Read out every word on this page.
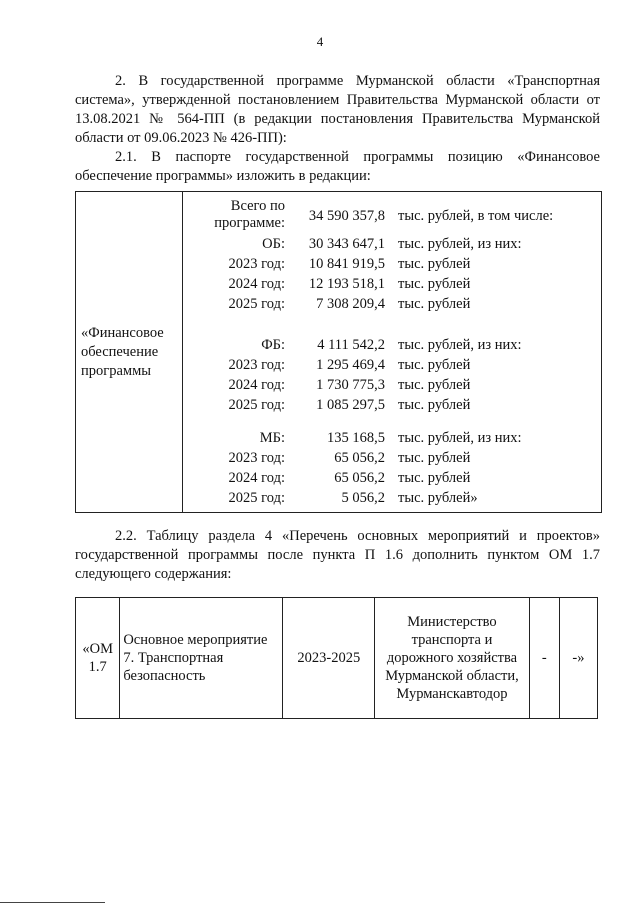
4

2. В государственной программе Мурманской области «Транспортная система», утвержденной постановлением Правительства Мурманской области от 13.08.2021 № 564-ПП (в редакции постановления Правительства Мурманской области от 09.06.2023 № 426-ПП):

2.1. В паспорте государственной программы позицию «Финансовое обеспечение программы» изложить в редакции:

«Финансовое обеспечение программы	
Всего по программе:	34 590 357,8 тыс. рублей, в том числе:
ОБ:	30 343 647,1 тыс. рублей, из них:
2023 год:	10 841 919,5 тыс. рублей
2024 год:	12 193 518,1 тыс. рублей
2025 год:	7 308 209,4 тыс. рублей
ФБ:	4 111 542,2 тыс. рублей, из них:
2023 год:	1 295 469,4 тыс. рублей
2024 год:	1 730 775,3 тыс. рублей
2025 год:	1 085 297,5 тыс. рублей
МБ:	135 168,5 тыс. рублей, из них:
2023 год:	65 056,2 тыс. рублей
2024 год:	65 056,2 тыс. рублей
2025 год:	5 056,2 тыс. рублей»

2.2. Таблицу раздела 4 «Перечень основных мероприятий и проектов» государственной программы после пункта П 1.6 дополнить пунктом ОМ 1.7 следующего содержания:

«ОМ 1.7	Основное мероприятие 7. Транспортная безопасность	2023-2025	Министерство транспорта и дорожного хозяйства Мурманской области, Мурманскавтодор	-	-»
